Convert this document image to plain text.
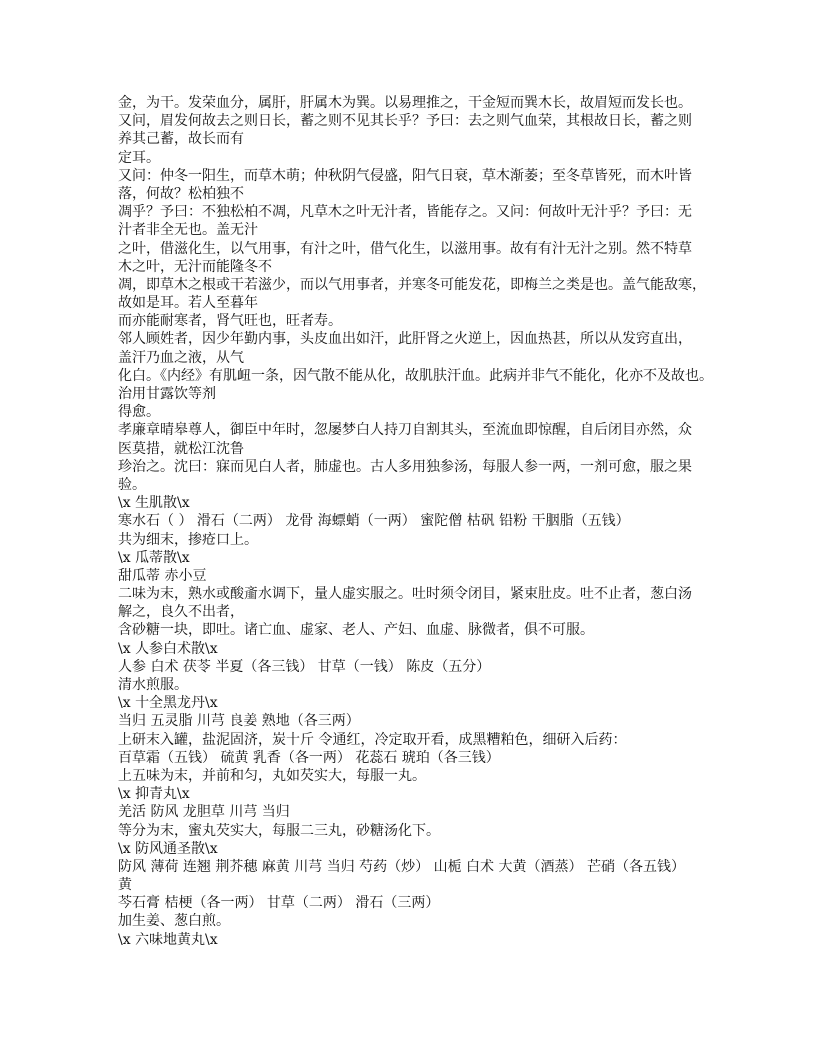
金，为干。发荣血分，属肝，肝属木为巽。以易理推之，干金短而巽木长，故眉短而发长也。
又问，眉发何故去之则日长，蓄之则不见其长乎？予曰：去之则气血荣，其根故日长，蓄之则
养其己蓄，故长而有
定耳。
又问：仲冬一阳生，而草木萌；仲秋阴气侵盛，阳气日衰，草木渐萎；至冬草皆死，而木叶皆
落，何故？松柏独不
凋乎？予曰：不独松柏不凋，凡草木之叶无汁者，皆能存之。又问：何故叶无汁乎？予曰：无
汁者非全无也。盖无汁
之叶，借滋化生，以气用事，有汁之叶，借气化生，以滋用事。故有有汁无汁之别。然不特草
木之叶，无汁而能隆冬不
凋，即草木之根或干若滋少，而以气用事者，并寒冬可能发花，即梅兰之类是也。盖气能敌寒，
故如是耳。若人至暮年
而亦能耐寒者，肾气旺也，旺者寿。
邻人顾姓者，因少年勤内事，头皮血出如汗，此肝肾之火逆上，因血热甚，所以从发窍直出，
盖汗乃血之液，从气
化白。《内经》有肌衄一条，因气散不能从化，故肌肤汗血。此病并非气不能化，化亦不及故也。
治用甘露饮等剂
得愈。
孝廉章晴皋尊人，御臣中年时，忽屡梦白人持刀自割其头，至流血即惊醒，自后闭目亦然，众
医莫措，就松江沈鲁
珍治之。沈曰：寐而见白人者，肺虚也。古人多用独参汤，每服人参一两，一剂可愈，服之果
验。
\x 生肌散\x
寒水石（ ） 滑石（二两） 龙骨 海螵蛸（一两） 蜜陀僧 枯矾 铅粉 干胭脂（五钱）
共为细末，掺疮口上。
\x 瓜蒂散\x
甜瓜蒂 赤小豆
二味为末，熟水或酸齑水调下，量人虚实服之。吐时须令闭目，紧束肚皮。吐不止者，葱白汤
解之，良久不出者，
含砂糖一块，即吐。诸亡血、虚家、老人、产妇、血虚、脉微者，俱不可服。
\x 人参白术散\x
人参 白术 茯苓 半夏（各三钱） 甘草（一钱） 陈皮（五分）
清水煎服。
\x 十全黑龙丹\x
当归 五灵脂 川芎 良姜 熟地（各三两）
上研末入罐，盐泥固济，炭十斤 令通红，冷定取开看，成黑糟粕色，细研入后药：
百草霜（五钱） 硫黄 乳香（各一两） 花蕊石 琥珀（各三钱）
上五味为末，并前和匀，丸如芡实大，每服一丸。
\x 抑青丸\x
羌活 防风 龙胆草 川芎 当归
等分为末，蜜丸芡实大，每服二三丸，砂糖汤化下。
\x 防风通圣散\x
防风 薄荷 连翘 荆芥穗 麻黄 川芎 当归 芍药（炒） 山栀 白术 大黄（酒蒸） 芒硝（各五钱）
黄
芩石膏 桔梗（各一两） 甘草（二两） 滑石（三两）
加生姜、葱白煎。
\x 六味地黄丸\x
